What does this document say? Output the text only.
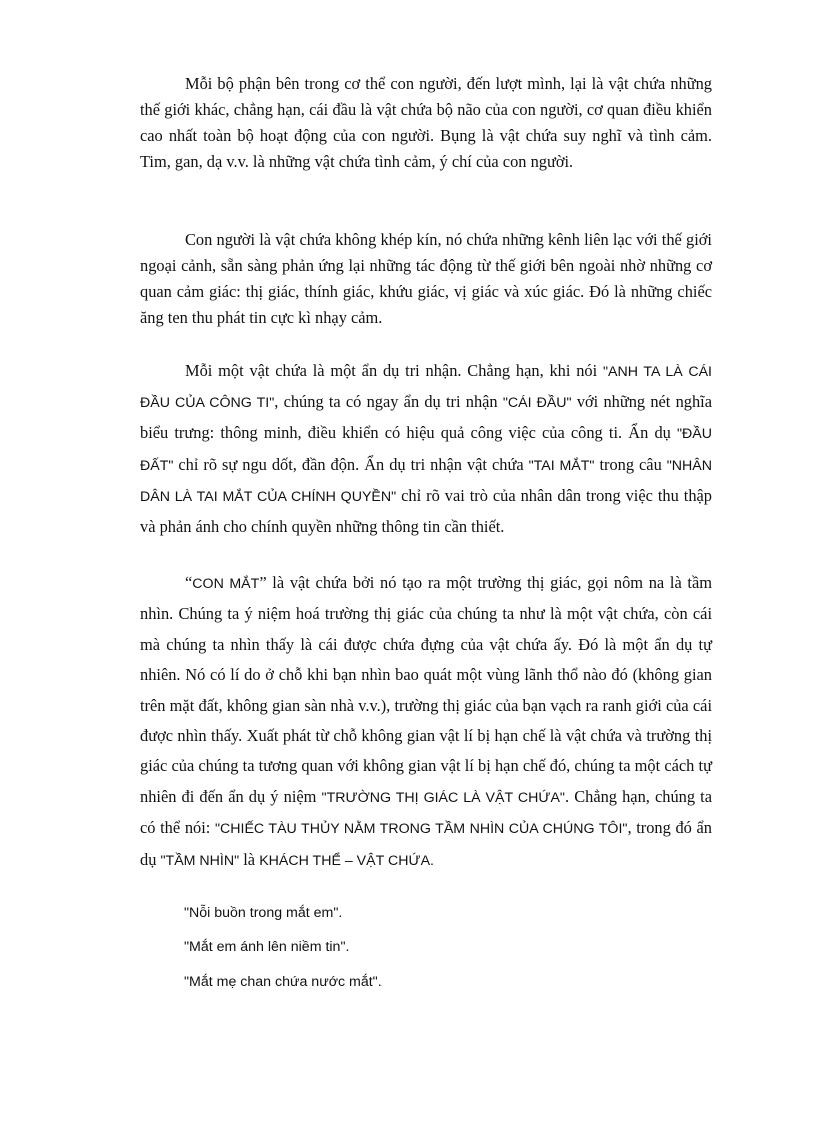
Mỗi bộ phận bên trong cơ thể con người, đến lượt mình, lại là vật chứa những thế giới khác, chẳng hạn, cái đầu là vật chứa bộ não của con người, cơ quan điều khiển cao nhất toàn bộ hoạt động của con người. Bụng là vật chứa suy nghĩ và tình cảm. Tim, gan, dạ v.v. là những vật chứa tình cảm, ý chí của con người.

Con người là vật chứa không khép kín, nó chứa những kênh liên lạc với thế giới ngoại cảnh, sẵn sàng phản ứng lại những tác động từ thế giới bên ngoài nhờ những cơ quan cảm giác: thị giác, thính giác, khứu giác, vị giác và xúc giác. Đó là những chiếc ăng ten thu phát tin cực kì nhạy cảm.

Mỗi một vật chứa là một ẩn dụ tri nhận. Chẳng hạn, khi nói "ANH TA LÀ CÁI ĐẦU CỦA CÔNG TI", chúng ta có ngay ẩn dụ tri nhận "CÁI ĐẦU" với những nét nghĩa biểu trưng: thông minh, điều khiển có hiệu quả công việc của công ti. Ẩn dụ "ĐẦU ĐẤT" chỉ rõ sự ngu dốt, đần độn. Ẩn dụ tri nhận vật chứa "TAI MẮT" trong câu "NHÂN DÂN LÀ TAI MẮT CỦA CHÍNH QUYỀN" chỉ rõ vai trò của nhân dân trong việc thu thập và phản ánh cho chính quyền những thông tin cần thiết.

“CON MẮT” là vật chứa bởi nó tạo ra một trường thị giác, gọi nôm na là tầm nhìn. Chúng ta ý niệm hoá trường thị giác của chúng ta như là một vật chứa, còn cái mà chúng ta nhìn thấy là cái được chứa đựng của vật chứa ấy. Đó là một ẩn dụ tự nhiên. Nó có lí do ở chỗ khi bạn nhìn bao quát một vùng lãnh thổ nào đó (không gian trên mặt đất, không gian sàn nhà v.v.), trường thị giác của bạn vạch ra ranh giới của cái được nhìn thấy. Xuất phát từ chỗ không gian vật lí bị hạn chế là vật chứa và trường thị giác của chúng ta tương quan với không gian vật lí bị hạn chế đó, chúng ta một cách tự nhiên đi đến ẩn dụ ý niệm "TRƯỜNG THỊ GIÁC LÀ VẬT CHỨA". Chẳng hạn, chúng ta có thể nói: "CHIẾC TÀU THỦY NẰM TRONG TẦM NHÌN CỦA CHÚNG TÔI", trong đó ẩn dụ "TẦM NHÌN" là KHÁCH THỂ – VẬT CHỨA.

"Nỗi buồn trong mắt em".

"Mắt em ánh lên niềm tin".

"Mắt mẹ chan chứa nước mắt".
